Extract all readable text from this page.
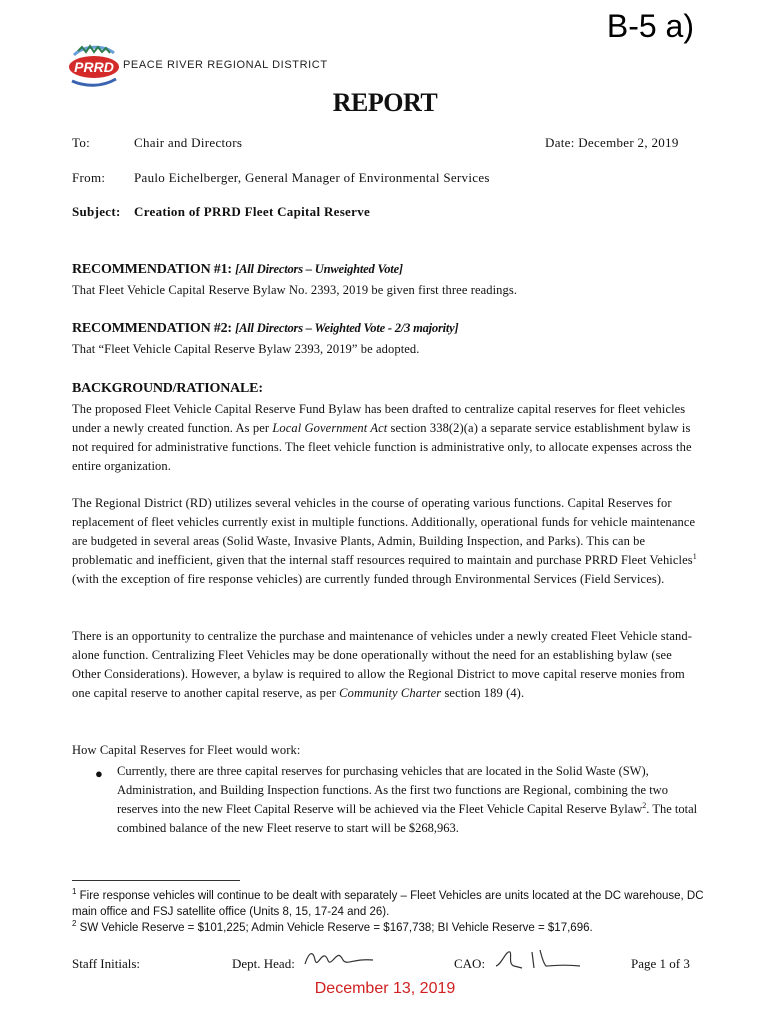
B-5 a)
PRRD PEACE RIVER REGIONAL DISTRICT
REPORT
To:	Chair and Directors	Date: December 2, 2019
From: Paulo Eichelberger, General Manager of Environmental Services
Subject: Creation of PRRD Fleet Capital Reserve
RECOMMENDATION #1: [All Directors – Unweighted Vote]
That Fleet Vehicle Capital Reserve Bylaw No. 2393, 2019 be given first three readings.
RECOMMENDATION #2: [All Directors – Weighted Vote - 2/3 majority]
That “Fleet Vehicle Capital Reserve Bylaw 2393, 2019” be adopted.
BACKGROUND/RATIONALE:

The proposed Fleet Vehicle Capital Reserve Fund Bylaw has been drafted to centralize capital reserves for fleet vehicles under a newly created function. As per Local Government Act section 338(2)(a) a separate service establishment bylaw is not required for administrative functions. The fleet vehicle function is administrative only, to allocate expenses across the entire organization.

The Regional District (RD) utilizes several vehicles in the course of operating various functions. Capital Reserves for replacement of fleet vehicles currently exist in multiple functions. Additionally, operational funds for vehicle maintenance are budgeted in several areas (Solid Waste, Invasive Plants, Admin, Building Inspection, and Parks). This can be problematic and inefficient, given that the internal staff resources required to maintain and purchase PRRD Fleet Vehicles$^1$ (with the exception of fire response vehicles) are currently funded through Environmental Services (Field Services).

There is an opportunity to centralize the purchase and maintenance of vehicles under a newly created Fleet Vehicle stand-alone function. Centralizing Fleet Vehicles may be done operationally without the need for an establishing bylaw (see Other Considerations). However, a bylaw is required to allow the Regional District to move capital reserve monies from one capital reserve to another capital reserve, as per Community Charter section 189 (4).

How Capital Reserves for Fleet would work:
● Currently, there are three capital reserves for purchasing vehicles that are located in the Solid Waste (SW), Administration, and Building Inspection functions. As the first two functions are Regional, combining the two reserves into the new Fleet Capital Reserve will be achieved via the Fleet Vehicle Capital Reserve Bylaw$^2$. The total combined balance of the new Fleet reserve to start will be $268,963.
$^1$ Fire response vehicles will continue to be dealt with separately – Fleet Vehicles are units located at the DC warehouse, DC main office and FSJ satellite office (Units 8, 15, 17-24 and 26).
$^2$ SW Vehicle Reserve = $101,225; Admin Vehicle Reserve = $167,738; BI Vehicle Reserve = $17,696.
Staff Initials:	Dept. Head:	CAO:	Page 1 of 3
December 13, 2019
